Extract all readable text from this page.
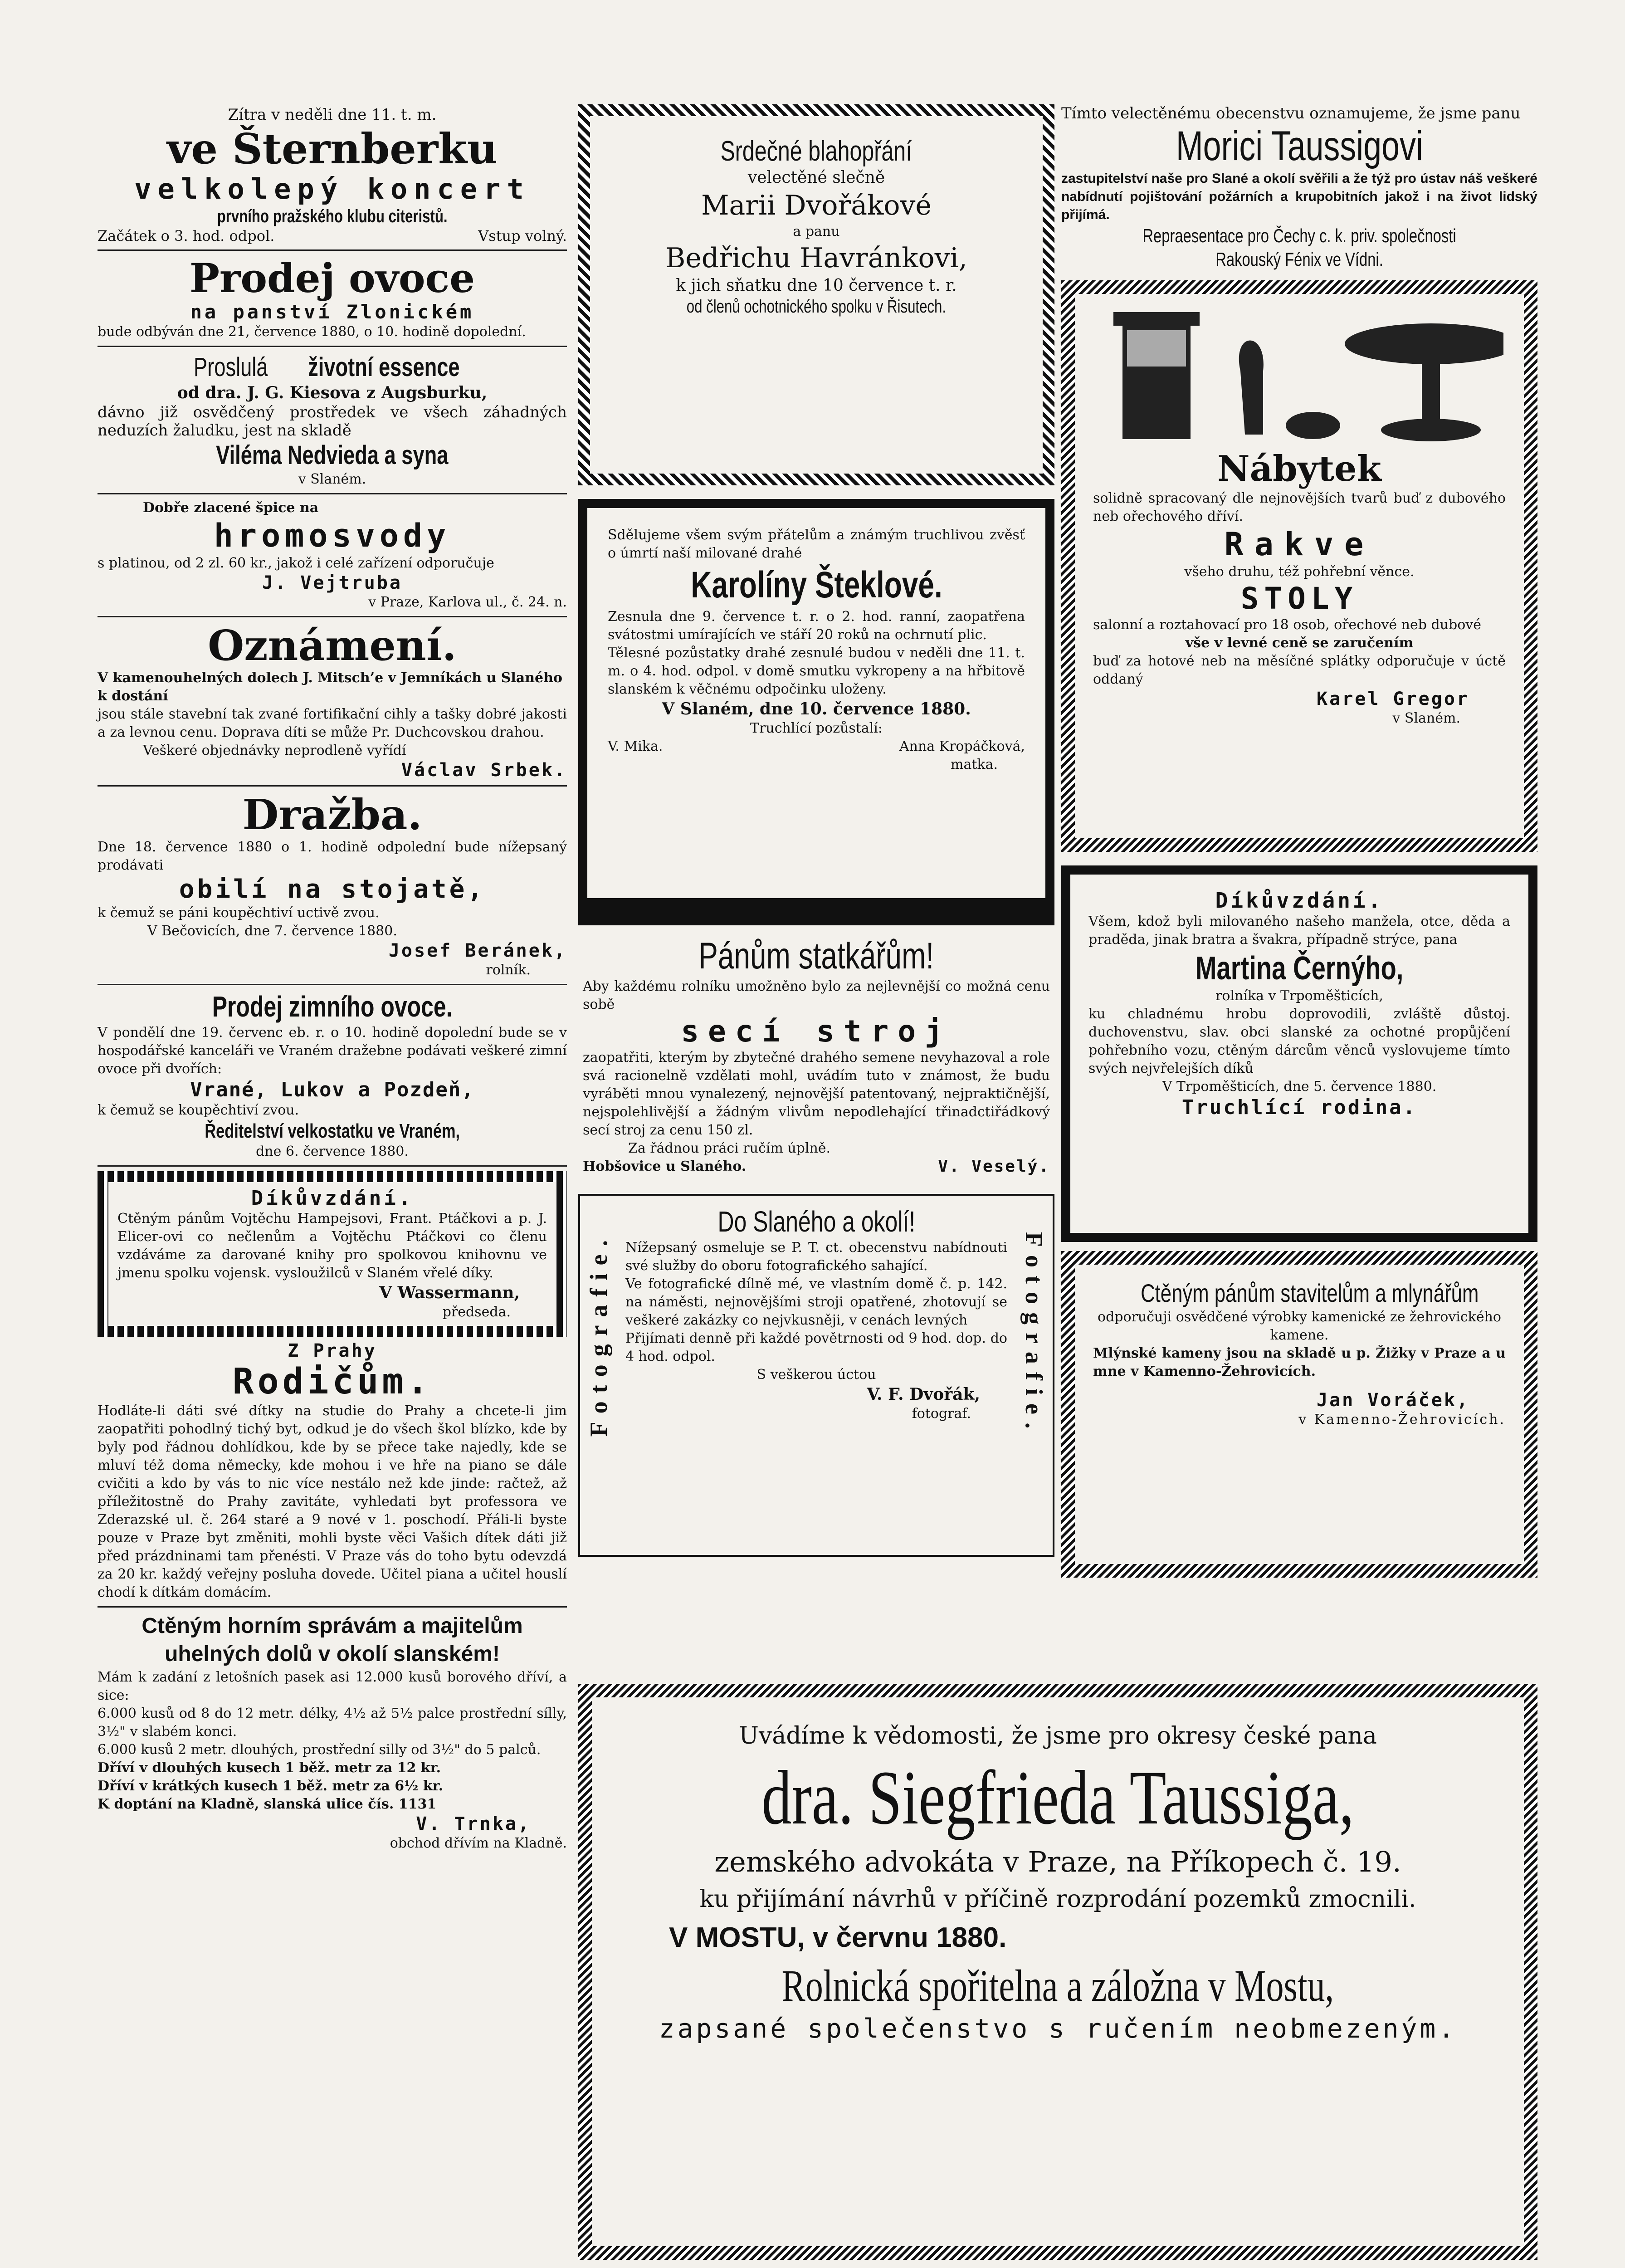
Zítra v neděli dne 11. t. m.
ve Šternberku
velkolepý koncert
prvního pražského klubu citeristů.
Začátek o 3. hod. odpol.	Vstup volný.
Prodej ovoce
na panství Zlonickém
bude odbýván dne 21, července 1880, o 10. hodině dopolední.
Proslulá životní essence
od dra. J. G. Kiesova z Augsburku,
dávno již osvědčený prostředek ve všech záhadných neduzích žaludku, jest na skladě
Viléma Nedvieda a syna
v Slaném.
Dobře zlacené špice na
hromosvody
s platinou, od 2 zl. 60 kr., jakož i celé zařízení odporučuje
J. Vejtruba
v Praze, Karlova ul., č. 24. n.
Oznámení.
V kamenouhelných dolech J. Mitsch’e v Jemníkách u Slaného k dostání
jsou stále stavební tak zvané fortifikační cihly a tašky dobré jakosti a za levnou cenu. Doprava díti se může Pr. Duchcovskou drahou.
Veškeré objednávky neprodleně vyřídí
Václav Srbek.
Dražba.
Dne 18. července 1880 o 1. hodině odpolední bude nížepsaný prodávati
obilí na stojatě,
k čemuž se páni koupěchtiví uctivě zvou.
V Bečovicích, dne 7. července 1880.
Josef Beránek,
rolník.
Prodej zimního ovoce.
V pondělí dne 19. červenc eb. r. o 10. hodině dopolední bude se v hospodářské kanceláři ve Vraném dražebne podávati veškeré zimní ovoce při dvořích:
Vrané, Lukov a Pozdeň,
k čemuž se koupěchtiví zvou.
Ředitelství velkostatku ve Vraném,
dne 6. července 1880.
Díkůvzdání.
Ctěným pánům Vojtěchu Hampejsovi, Frant. Ptáčkovi a p. J. Elicer-ovi co nečlenům a Vojtěchu Ptáčkovi co členu vzdáváme za darované knihy pro spolkovou knihovnu ve jmenu spolku vojensk. vysloužilců v Slaném vřelé díky.
V Wassermann,
předseda.
Z Prahy
Rodičům.
Hodláte-li dáti své dítky na studie do Prahy a chcete-li jim zaopatřiti pohodlný tichý byt, odkud je do všech škol blízko, kde by byly pod řádnou dohlídkou, kde by se přece take najedly, kde se mluví též doma německy, kde mohou i ve hře na piano se dále cvičiti a kdo by vás to nic více nestálo než kde jinde: račtež, až příležitostně do Prahy zavitáte, vyhledati byt professora ve Zderazské ul. č. 264 staré a 9 nové v 1. poschodí. Přáli-li byste pouze v Praze byt změniti, mohli byste věci Vašich dítek dáti již před prázdninami tam přenésti. V Praze vás do toho bytu odevzdá za 20 kr. každý veřejny posluha dovede. Učitel piana a učitel houslí chodí k dítkám domácím.
Ctěným horním správám a majitelům uhelných dolů v okolí slanském!
Mám k zadání z letošních pasek asi 12.000 kusů borového dříví, a sice:
6.000 kusů od 8 do 12 metr. délky, 4½ až 5½ palce prostřední sílly, 3½" v slabém konci.
6.000 kusů 2 metr. dlouhých, prostřední silly od 3½" do 5 palců.
Dříví v dlouhých kusech 1 běž. metr za 12 kr.
Dříví v krátkých kusech 1 běž. metr za 6½ kr.
K doptání na Kladně, slanská ulice čís. 1131
V. Trnka,
obchod dřívím na Kladně.
Srdečné blahopřání
velectěné slečně
Marii Dvořákové
a panu
Bedřichu Havránkovi,
k jich sňatku dne 10 července t. r.
od členů ochotnického spolku v Řisutech.
Sdělujeme všem svým přátelům a známým truchlivou zvěsť o úmrtí naší milované drahé
Karolíny Šteklové.
Zesnula dne 9. července t. r. o 2. hod. ranní, zaopatřena svátostmi umírajících ve stáří 20 roků na ochrnutí plic.
Tělesné pozůstatky drahé zesnulé budou v neděli dne 11. t. m. o 4. hod. odpol. v domě smutku vykropeny a na hřbitově slanském k věčnému odpočinku uloženy.
V Slaném, dne 10. července 1880.
Truchlící pozůstalí:
V. Mika.	Anna Kropáčková,
matka.
Pánům statkářům!
Aby každému rolníku umožněno bylo za nejlevnější co možná cenu sobě
secí stroj
zaopatřiti, kterým by zbytečné drahého semene nevyhazoval a role svá racionelně vzdělati mohl, uvádím tuto v známost, že budu vyráběti mnou vynalezený, nejnovější patentovaný, nejpraktičnější, nejspolehlivější a žádným vlivům nepodlehající třinadctiřádkový secí stroj za cenu 150 zl.
Za řádnou práci ručím úplně.
Hobšovice u Slaného.	V. Veselý.
Fotografie.	Fotografie.
Do Slaného a okolí!
Nížepsaný osmeluje se P. T. ct. obecenstvu nabídnouti své služby do oboru fotografického sahající.
Ve fotografické dílně mé, ve vlastním domě č. p. 142. na náměsti, nejnovějšími stroji opatřené, zhotovují se veškeré zakázky co nejvkusněji, v cenách levných
Přijímati denně při každé povětrnosti od 9 hod. dop. do 4 hod. odpol.
S veškerou úctou
V. F. Dvořák,
fotograf.
Tímto velectěnému obecenstvu oznamujeme, že jsme panu
Morici Taussigovi
zastupitelství naše pro Slané a okolí svěřili a že týž pro ústav náš veškeré nabídnutí pojištování požárních a krupobitních jakož i na život lidský přijímá.
Repraesentace pro Čechy c. k. priv. společnosti Rakouský Fénix ve Vídni.
Nábytek
solidně spracovaný dle nejnovějších tvarů buď z dubového neb ořechového dříví.
Rakve
všeho druhu, též pohřební věnce.
STOLY
salonní a roztahovací pro 18 osob, ořechové neb dubové
vše v levné ceně se zaručením
buď za hotové neb na měsíčné splátky odporučuje v úctě oddaný
Karel Gregor
v Slaném.
Díkůvzdání.
Všem, kdož byli milovaného našeho manžela, otce, děda a praděda, jinak bratra a švakra, případně strýce, pana
Martina Černýho,
rolníka v Trpoměšticích,
ku chladnému hrobu doprovodili, zvláště důstoj. duchovenstvu, slav. obci slanské za ochotné propůjčení pohřebního vozu, ctěným dárcům věnců vyslovujeme tímto svých nejvřelejších díků
V Trpoměšticích, dne 5. července 1880.
Truchlící rodina.
Ctěným pánům stavitelům a mlynářům
odporučuji osvědčené výrobky kamenické ze žehrovického kamene.
Mlýnské kameny jsou na skladě u p. Žižky v Praze a u mne v Kamenno-Žehrovicích.
Jan Voráček,
v Kamenno-Žehrovicích.
Uvádíme k vědomosti, že jsme pro okresy české pana
dra. Siegfrieda Taussiga,
zemského advokáta v Praze, na Příkopech č. 19.
ku přijímání návrhů v příčině rozprodání pozemků zmocnili.
V MOSTU, v červnu 1880.
Rolnická spořitelna a záložna v Mostu,
zapsané společenstvo s ručením neobmezeným.
